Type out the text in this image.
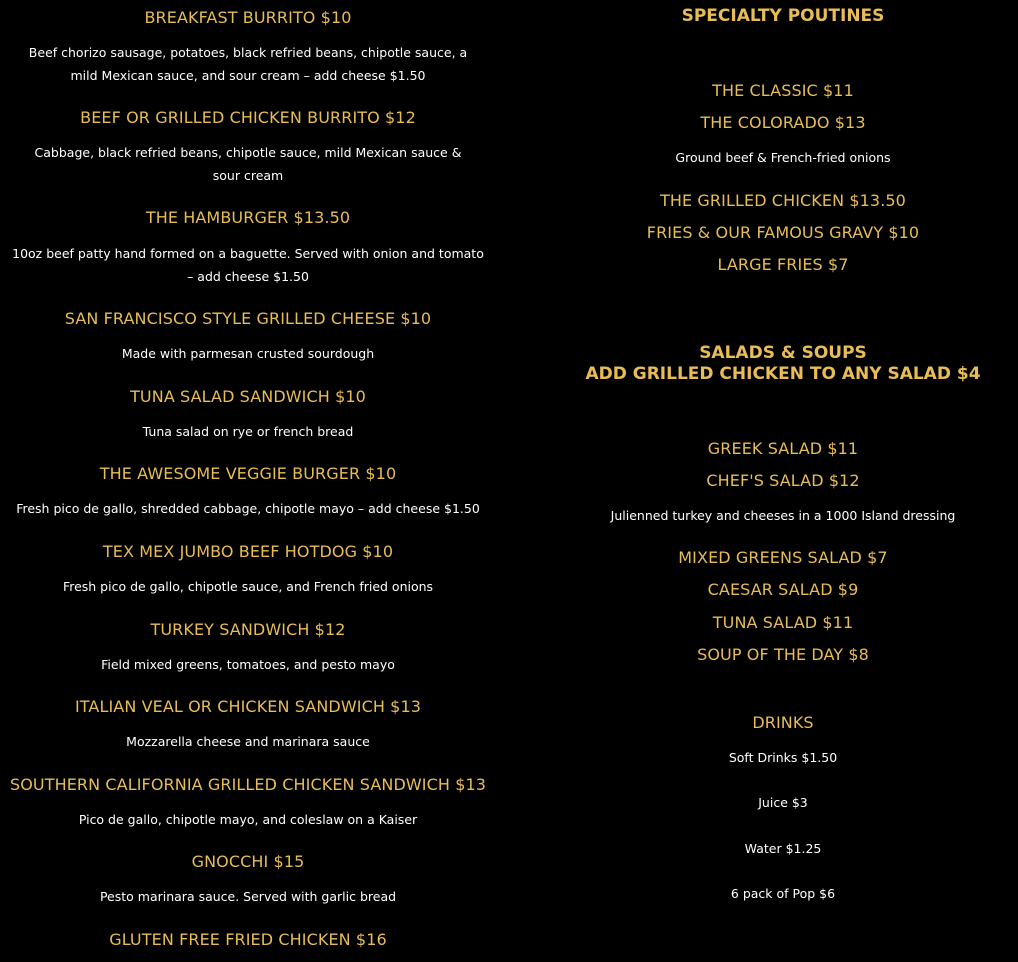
BREAKFAST BURRITO $10
Beef chorizo sausage, potatoes, black refried beans, chipotle sauce, a mild Mexican sauce, and sour cream – add cheese $1.50
BEEF OR GRILLED CHICKEN BURRITO $12
Cabbage, black refried beans, chipotle sauce, mild Mexican sauce & sour cream
THE HAMBURGER $13.50
10oz beef patty hand formed on a baguette. Served with onion and tomato – add cheese $1.50
SAN FRANCISCO STYLE GRILLED CHEESE $10
Made with parmesan crusted sourdough
TUNA SALAD SANDWICH $10
Tuna salad on rye or french bread
THE AWESOME VEGGIE BURGER $10
Fresh pico de gallo, shredded cabbage, chipotle mayo – add cheese $1.50
TEX MEX JUMBO BEEF HOTDOG $10
Fresh pico de gallo, chipotle sauce, and French fried onions
TURKEY SANDWICH $12
Field mixed greens, tomatoes, and pesto mayo
ITALIAN VEAL OR CHICKEN SANDWICH $13
Mozzarella cheese and marinara sauce
SOUTHERN CALIFORNIA GRILLED CHICKEN SANDWICH $13
Pico de gallo, chipotle mayo, and coleslaw on a Kaiser
GNOCCHI $15
Pesto marinara sauce. Served with garlic bread
GLUTEN FREE FRIED CHICKEN $16
SPECIALTY POUTINES
THE CLASSIC $11
THE COLORADO $13
Ground beef & French-fried onions
THE GRILLED CHICKEN $13.50
FRIES & OUR FAMOUS GRAVY $10
LARGE FRIES $7
SALADS & SOUPS
ADD GRILLED CHICKEN TO ANY SALAD $4
GREEK SALAD $11
CHEF'S SALAD $12
Julienned turkey and cheeses in a 1000 Island dressing
MIXED GREENS SALAD $7
CAESAR SALAD $9
TUNA SALAD $11
SOUP OF THE DAY $8
DRINKS
Soft Drinks $1.50
Juice $3
Water $1.25
6 pack of Pop $6
